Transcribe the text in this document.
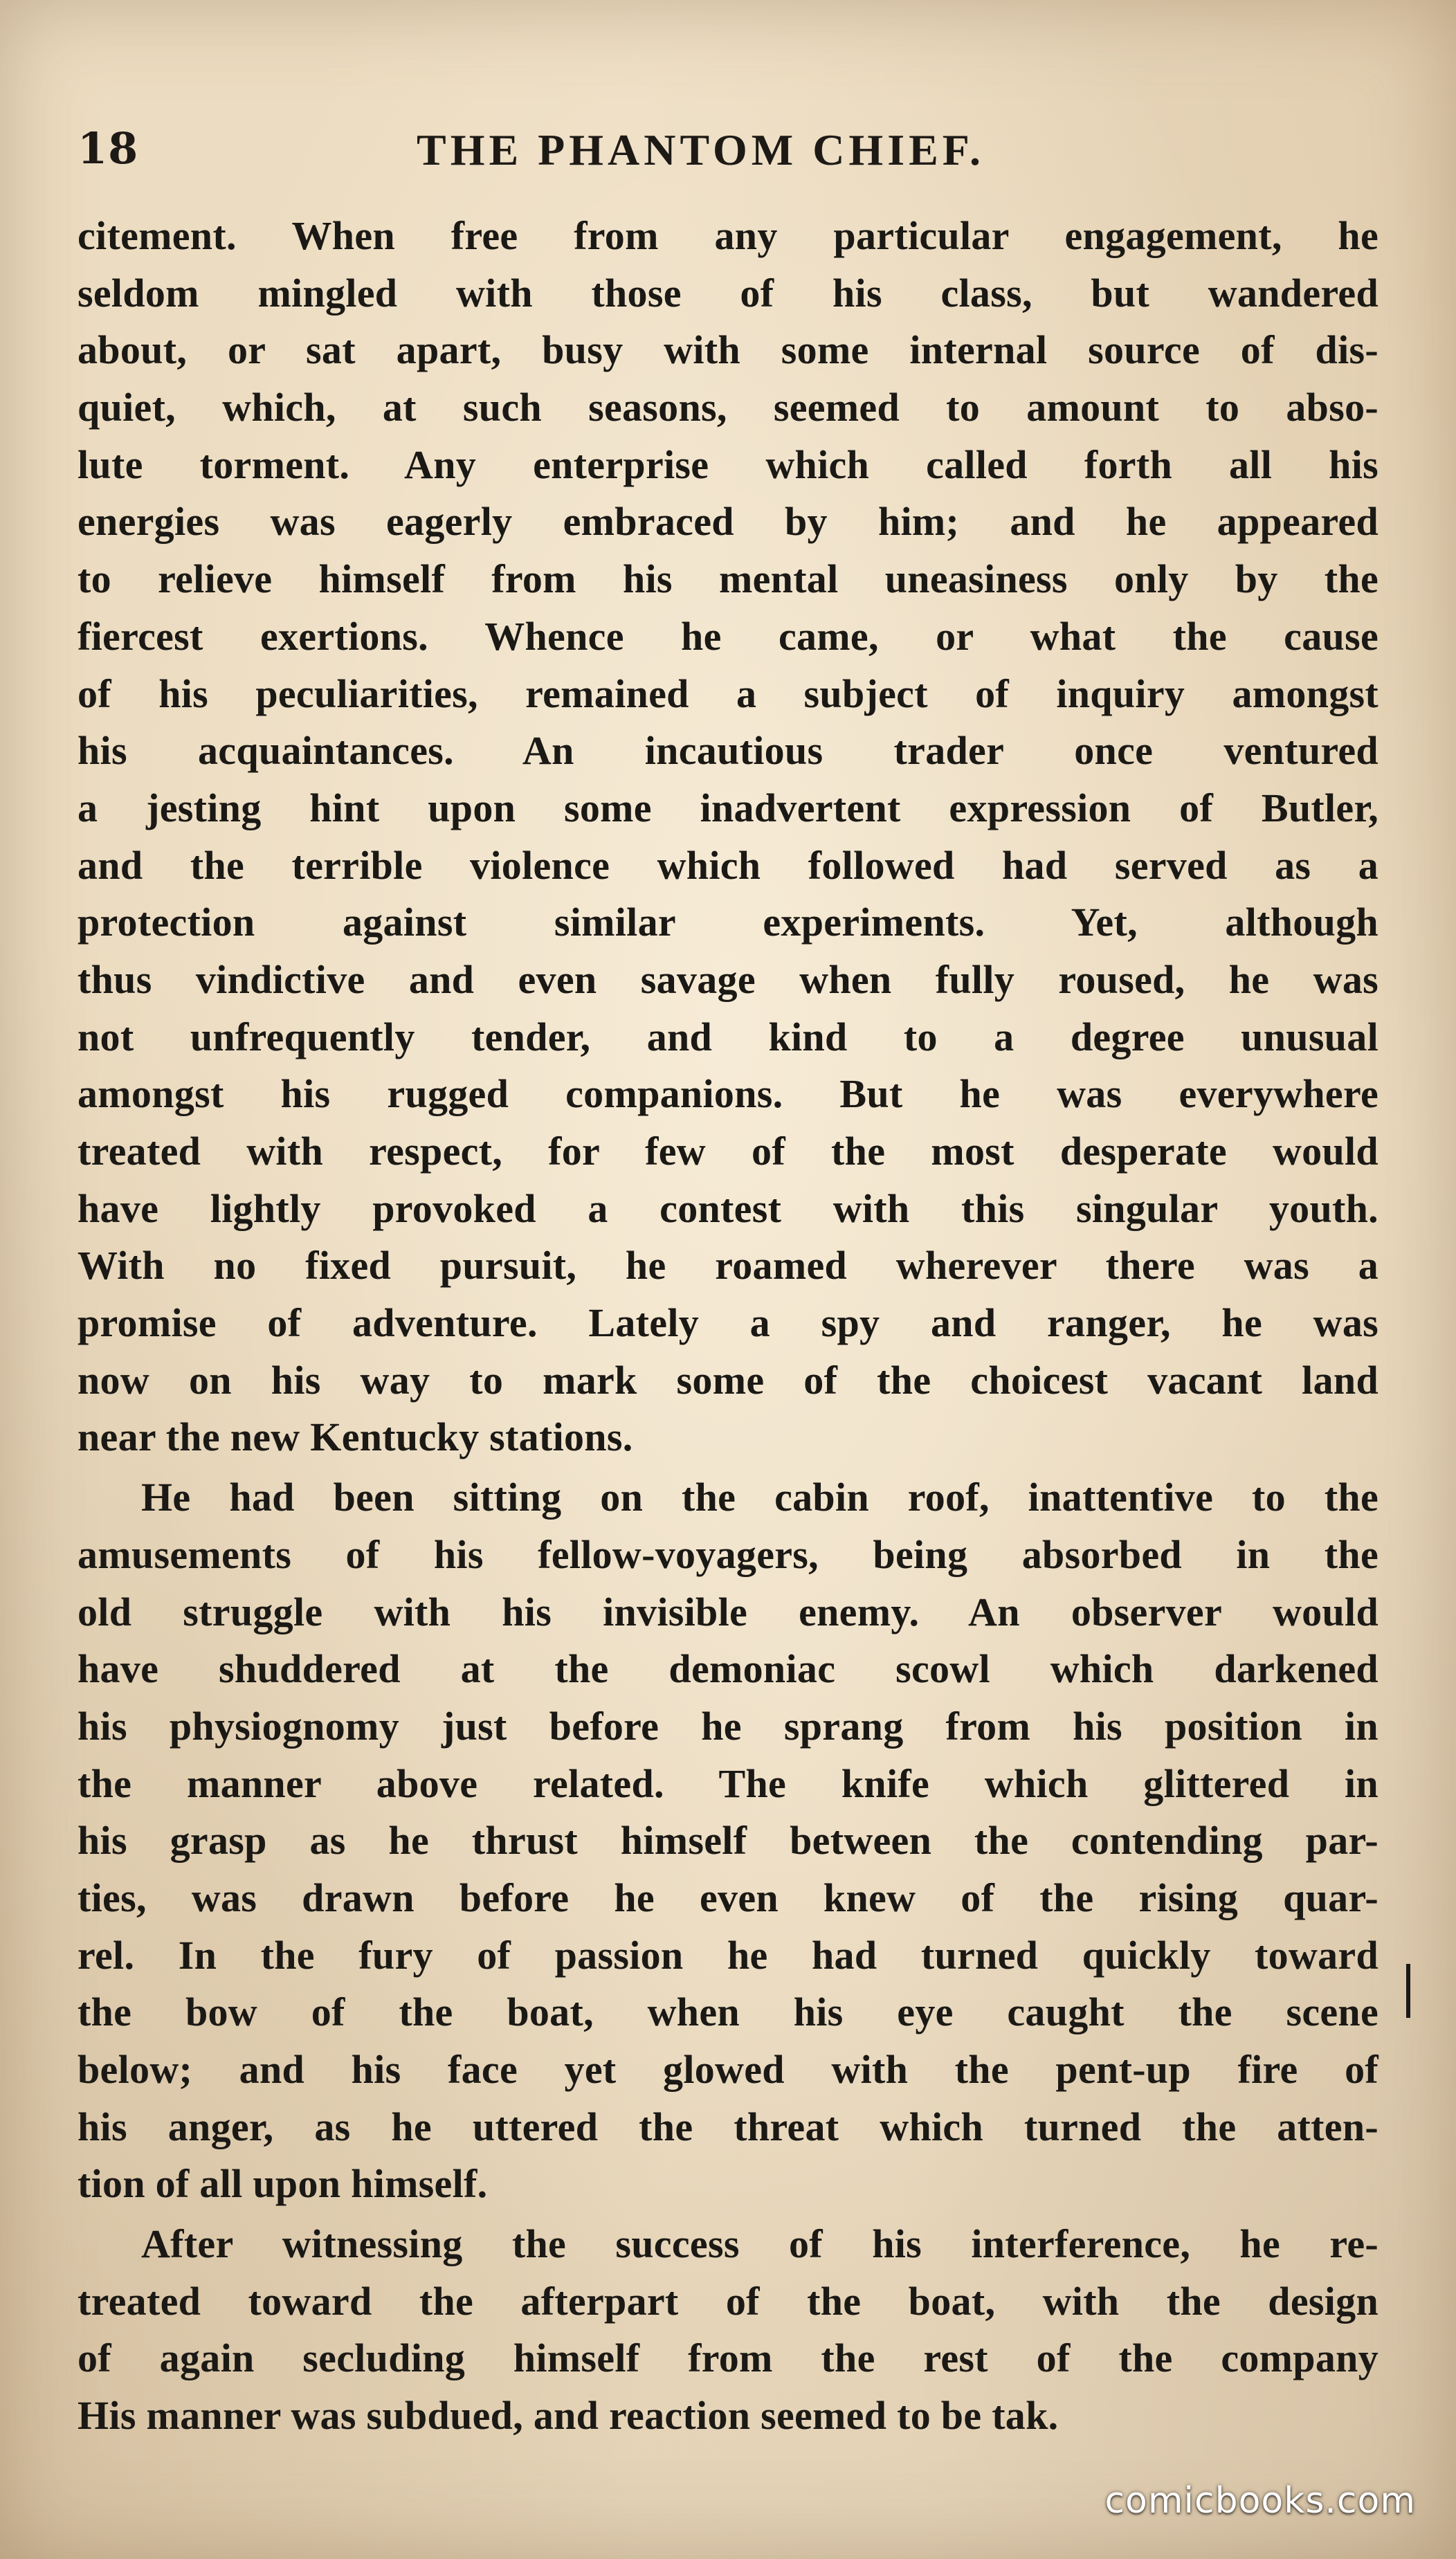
18	THE PHANTOM CHIEF.
citement. When free from any particular engagement, he
seldom mingled with those of his class, but wandered
about, or sat apart, busy with some internal source of dis-
quiet, which, at such seasons, seemed to amount to abso-
lute torment. Any enterprise which called forth all his
energies was eagerly embraced by him; and he appeared
to relieve himself from his mental uneasiness only by the
fiercest exertions. Whence he came, or what the cause
of his peculiarities, remained a subject of inquiry amongst
his acquaintances. An incautious trader once ventured
a jesting hint upon some inadvertent expression of Butler,
and the terrible violence which followed had served as a
protection against similar experiments. Yet, although
thus vindictive and even savage when fully roused, he was
not unfrequently tender, and kind to a degree unusual
amongst his rugged companions. But he was everywhere
treated with respect, for few of the most desperate would
have lightly provoked a contest with this singular youth.
With no fixed pursuit, he roamed wherever there was a
promise of adventure. Lately a spy and ranger, he was
now on his way to mark some of the choicest vacant land
near the new Kentucky stations.
He had been sitting on the cabin roof, inattentive to the
amusements of his fellow-voyagers, being absorbed in the
old struggle with his invisible enemy. An observer would
have shuddered at the demoniac scowl which darkened
his physiognomy just before he sprang from his position in
the manner above related. The knife which glittered in
his grasp as he thrust himself between the contending par-
ties, was drawn before he even knew of the rising quar-
rel. In the fury of passion he had turned quickly toward
the bow of the boat, when his eye caught the scene
below; and his face yet glowed with the pent-up fire of
his anger, as he uttered the threat which turned the atten-
tion of all upon himself.
After witnessing the success of his interference, he re-
treated toward the afterpart of the boat, with the design
of again secluding himself from the rest of the company
His manner was subdued, and reaction seemed to be tak.
comicbooks.com
